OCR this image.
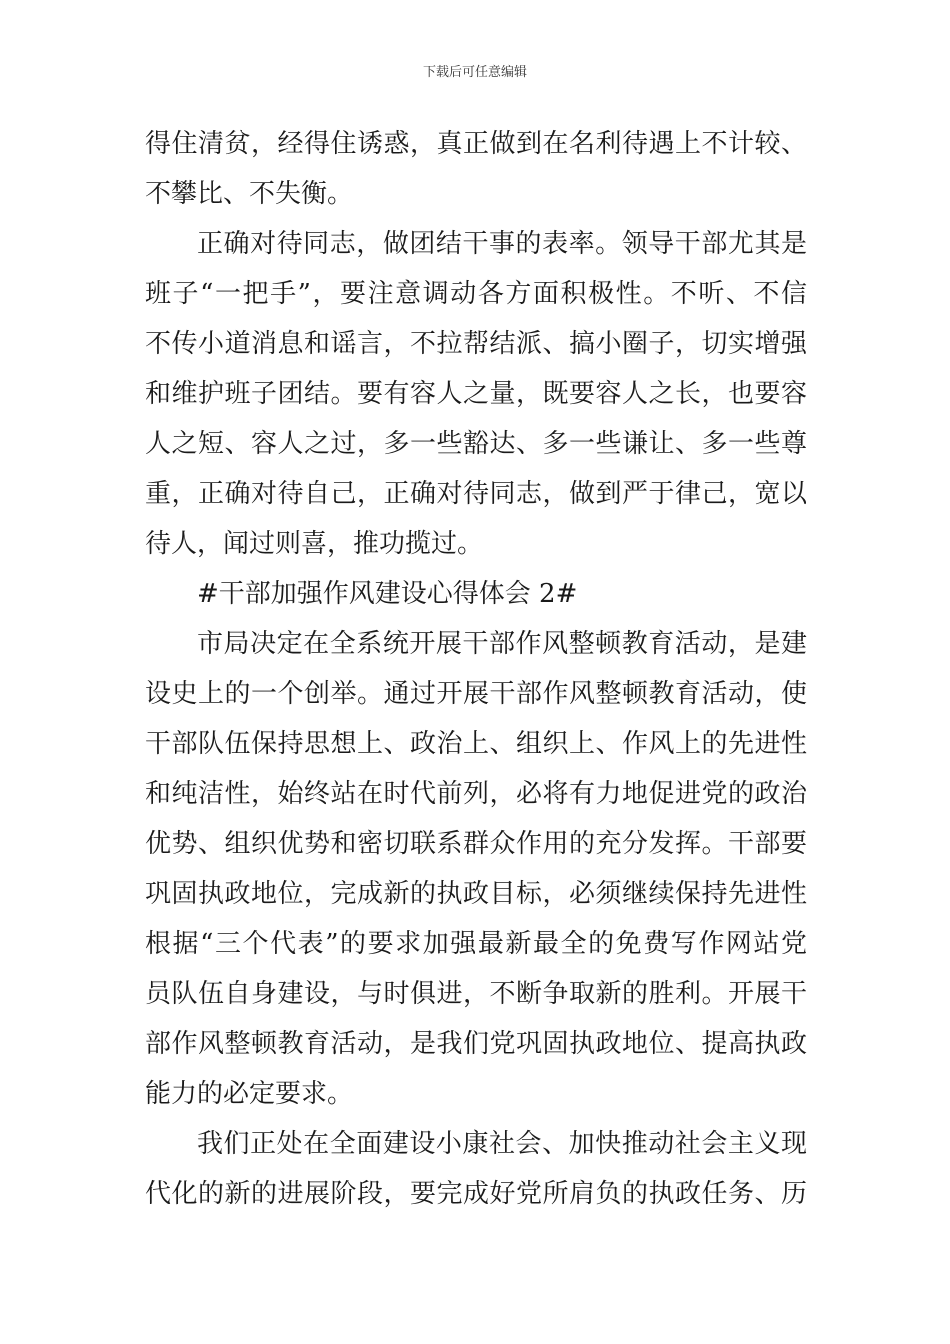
下载后可任意编辑
得住清贫，经得住诱惑，真正做到在名利待遇上不计较、
不攀比、不失衡。
正确对待同志，做团结干事的表率。领导干部尤其是
班子“一把手”，要注意调动各方面积极性。不听、不信
不传小道消息和谣言，不拉帮结派、搞小圈子，切实增强
和维护班子团结。要有容人之量，既要容人之长，也要容
人之短、容人之过，多一些豁达、多一些谦让、多一些尊
重，正确对待自己，正确对待同志，做到严于律己，宽以
待人，闻过则喜，推功揽过。
#干部加强作风建设心得体会 2#
市局决定在全系统开展干部作风整顿教育活动，是建
设史上的一个创举。通过开展干部作风整顿教育活动，使
干部队伍保持思想上、政治上、组织上、作风上的先进性
和纯洁性，始终站在时代前列，必将有力地促进党的政治
优势、组织优势和密切联系群众作用的充分发挥。干部要
巩固执政地位，完成新的执政目标，必须继续保持先进性
根据“三个代表”的要求加强最新最全的免费写作网站党
员队伍自身建设，与时俱进，不断争取新的胜利。开展干
部作风整顿教育活动，是我们党巩固执政地位、提高执政
能力的必定要求。
我们正处在全面建设小康社会、加快推动社会主义现
代化的新的进展阶段，要完成好党所肩负的执政任务、历
